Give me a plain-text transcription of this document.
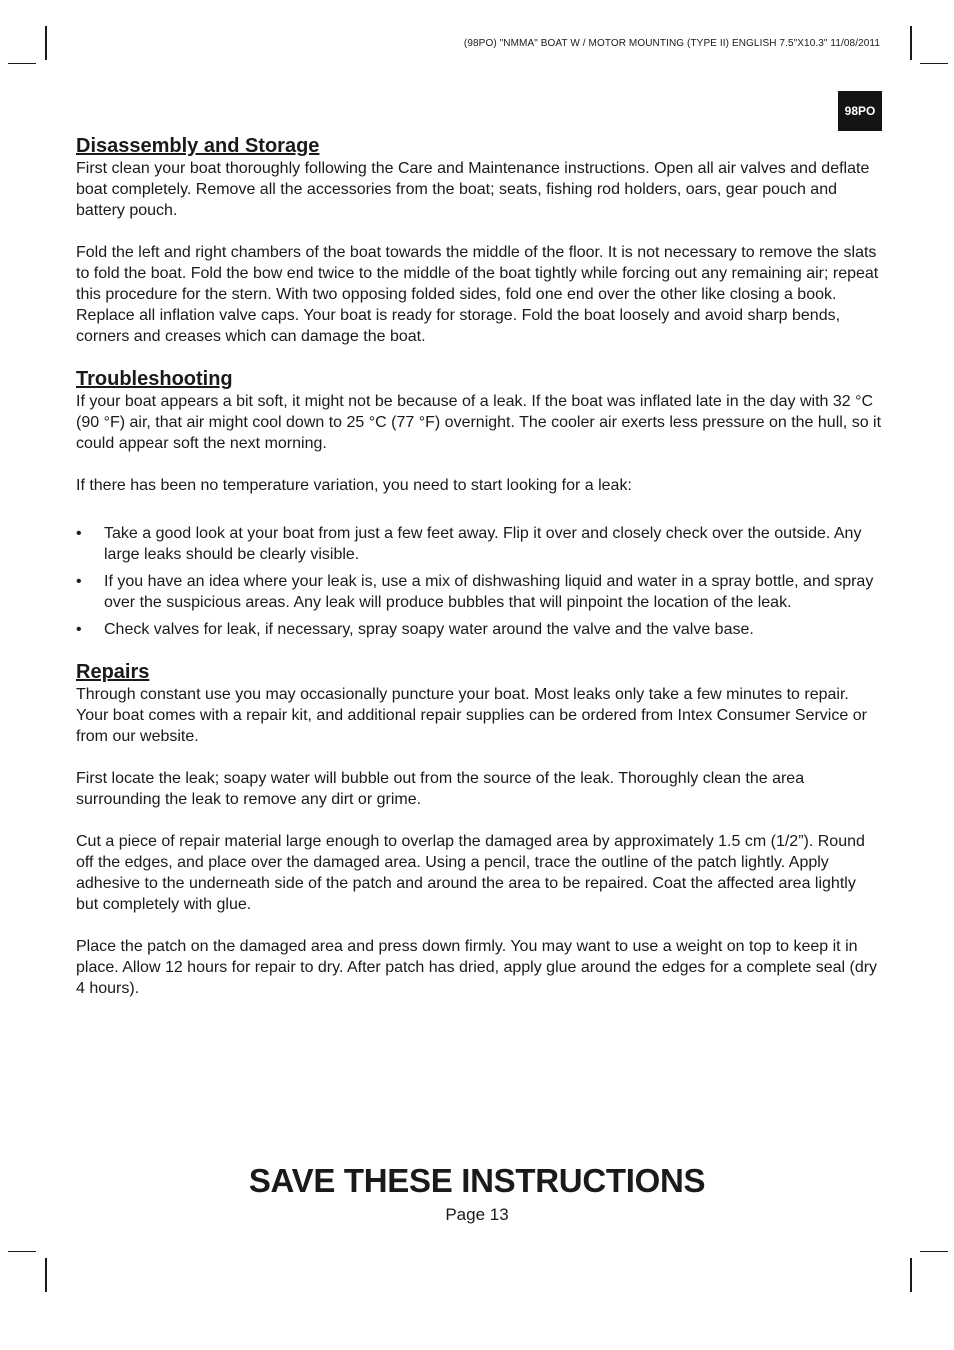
(98PO) "NMMA" BOAT W / MOTOR MOUNTING (TYPE II) ENGLISH 7.5"X10.3" 11/08/2011
98PO
Disassembly and Storage

First clean your boat thoroughly following the Care and Maintenance instructions. Open all air valves and deflate boat completely. Remove all the accessories from the boat; seats, fishing rod holders, oars, gear pouch and battery pouch.

Fold the left and right chambers of the boat towards the middle of the floor. It is not necessary to remove the slats to fold the boat. Fold the bow end twice to the middle of the boat tightly while forcing out any remaining air; repeat this procedure for the stern. With two opposing folded sides, fold one end over the other like closing a book. Replace all inflation valve caps. Your boat is ready for storage. Fold the boat loosely and avoid sharp bends, corners and creases which can damage the boat.

Troubleshooting

If your boat appears a bit soft, it might not be because of a leak. If the boat was inflated late in the day with 32 °C (90 °F) air, that air might cool down to 25 °C (77 °F) overnight. The cooler air exerts less pressure on the hull, so it could appear soft the next morning.

If there has been no temperature variation, you need to start looking for a leak:

• Take a good look at your boat from just a few feet away. Flip it over and closely check over the outside. Any large leaks should be clearly visible.
• If you have an idea where your leak is, use a mix of dishwashing liquid and water in a spray bottle, and spray over the suspicious areas. Any leak will produce bubbles that will pinpoint the location of the leak.
• Check valves for leak, if necessary, spray soapy water around the valve and the valve base.
Repairs

Through constant use you may occasionally puncture your boat. Most leaks only take a few minutes to repair. Your boat comes with a repair kit, and additional repair supplies can be ordered from Intex Consumer Service or from our website.

First locate the leak; soapy water will bubble out from the source of the leak. Thoroughly clean the area surrounding the leak to remove any dirt or grime.

Cut a piece of repair material large enough to overlap the damaged area by approximately 1.5 cm (1/2”). Round off the edges, and place over the damaged area. Using a pencil, trace the outline of the patch lightly. Apply adhesive to the underneath side of the patch and around the area to be repaired. Coat the affected area lightly but completely with glue.

Place the patch on the damaged area and press down firmly. You may want to use a weight on top to keep it in place. Allow 12 hours for repair to dry. After patch has dried, apply glue around the edges for a complete seal (dry 4 hours).

SAVE THESE INSTRUCTIONS
Page 13
